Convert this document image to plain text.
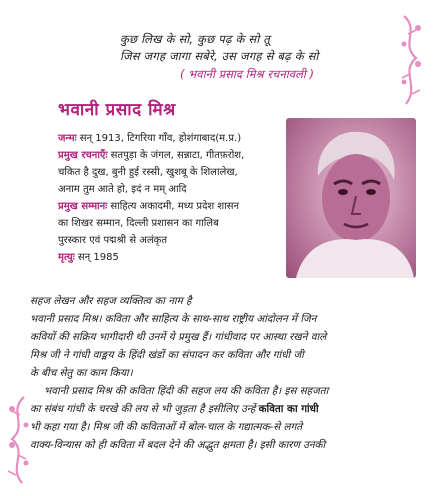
कुछ लिख के सो, कुछ पढ़ के सो तू
जिस जगह जागा सबेरे, उस जगह से बढ़ के सो
( भवानी प्रसाद मिश्र रचनावली )
भवानी प्रसाद मिश्र
जन्मः सन् 1913, टिगरिया गाँव, होशंगाबाद(म.प्र.)
प्रमुख रचनाएँः सतपुड़ा के जंगल, सन्नाटा, गीतफ़रोश,
चकित है दुख, बुनी हुई रस्सी, खुशबू के शिलालेख,
अनाम तुम आते हो, इदं न मम् आदि
प्रमुख सम्मानः साहित्य अकादमी, मध्य प्रदेश शासन
का शिखर सम्मान, दिल्ली प्रशासन का गालिब
पुरस्कार एवं पद्मश्री से अलंकृत
मृत्युः सन् 1985
सहज लेखन और सहज व्यक्तित्व का नाम है
भवानी प्रसाद मिश्र। कविता और साहित्य के साथ-साथ राष्ट्रीय आंदोलन में जिन
कवियों की सक्रिय भागीदारी थी उनमें ये प्रमुख हैं। गांधीवाद पर आस्था रखने वाले
मिश्र जी ने गांधी वाङ्मय के हिंदी खंडों का संपादन कर कविता और गांधी जी
के बीच सेतु का काम किया।
भवानी प्रसाद मिश्र की कविता हिंदी की सहज लय की कविता है। इस सहजता
का संबंध गांधी के चरखे की लय से भी जुड़ता है इसीलिए उन्हें कविता का गांधी
भी कहा गया है। मिश्र जी की कविताओं में बोल-चाल के गद्यात्मक-से लगते
वाक्य-विन्यास को ही कविता में बदल देने की अद्भुत क्षमता है। इसी कारण उनकी
